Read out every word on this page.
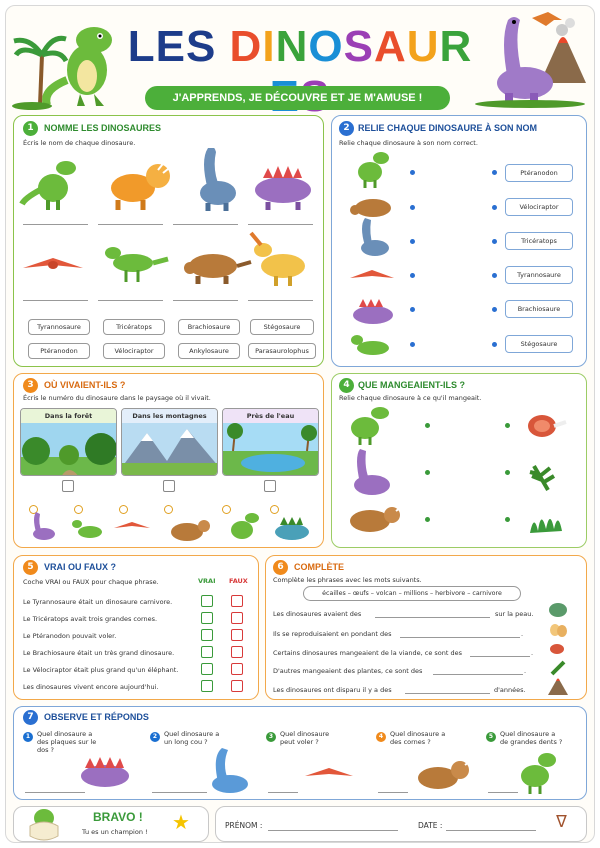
LES DINOSAUR
J'APPRENDS, JE DÉCOUVRE ET JE M'AMUSE !
1	NOMME LES DINOSAURES
Écris le nom de chaque dinosaure.
Tyrannosaure	Tricératops	Brachiosaure	Stégosaure
Ptéranodon	Vélociraptor	Ankylosaure	Parasaurolophus
2 RELIE CHAQUE DINOSAURE À SON NOM
Relie chaque dinosaure à son nom correct.
Ptéranodon
Vélociraptor
Tricératops
Tyrannosaure
Brachiosaure
Stégosaure
3	OÙ VIVAIENT-ILS ?
Écris le numéro du dinosaure dans le paysage où il vivait.
Dans la forêt	Dans les montagnes	Près de l'eau
4 QUE MANGEAIENT-ILS ?
Relie chaque dinosaure à ce qu'il mangeait.
5	VRAI OU FAUX ?
Coche VRAI ou FAUX pour chaque phrase.	VRAI FAUX
Le Tyrannosaure était un dinosaure carnivore.
Le Tricératops avait trois grandes cornes.
Le Ptéranodon pouvait voler.
Le Brachiosaure était un très grand dinosaure.
Le Vélociraptor était plus grand qu'un éléphant.
Les dinosaures vivent encore aujourd'hui.
6	COMPLÈTE
Complète les phrases avec les mots suivants.
écailles – œufs – volcan – millions – herbivore – carnivore
Les dinosaures avaient des	sur la peau.
Ils se reproduisaient en pondant des	.
Certains dinosaures mangeaient de la viande, ce sont des	.
D'autres mangeaient des plantes, ce sont des	.
Les dinosaures ont disparu il y a des	d'années.
7	OBSERVE ET RÉPONDS
1	Quel dinosaure a des plaques sur le dos ?
2	Quel dinosaure a un long cou ?
3	Quel dinosaure peut voler ?
4	Quel dinosaure a des cornes ?
5	Quel dinosaure a de grandes dents ?
BRAVO !
Tu es un champion ! ★	PRÉNOM :	DATE :	ᐁ
